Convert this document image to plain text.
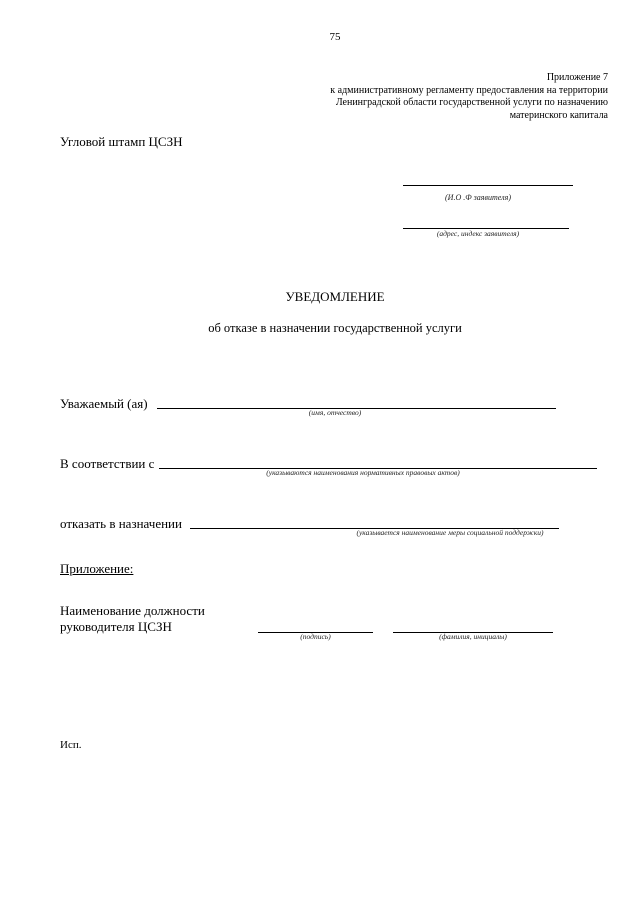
75
Приложение 7
к административному регламенту предоставления на территории
Ленинградской области государственной услуги по назначению
материнского капитала
Угловой штамп ЦСЗН
(И.О .Ф заявителя)
(адрес, индекс заявителя)
УВЕДОМЛЕНИЕ
об отказе в назначении государственной услуги
Уважаемый (ая)
(имя, отчество)
В соответствии с
(указываются наименования нормативных правовых актов)
отказать в назначении
(указывается наименование меры социальной поддержки)
Приложение:
Наименование должности
руководителя ЦСЗН
(подпись)	(фамилия, инициалы)
Исп.
